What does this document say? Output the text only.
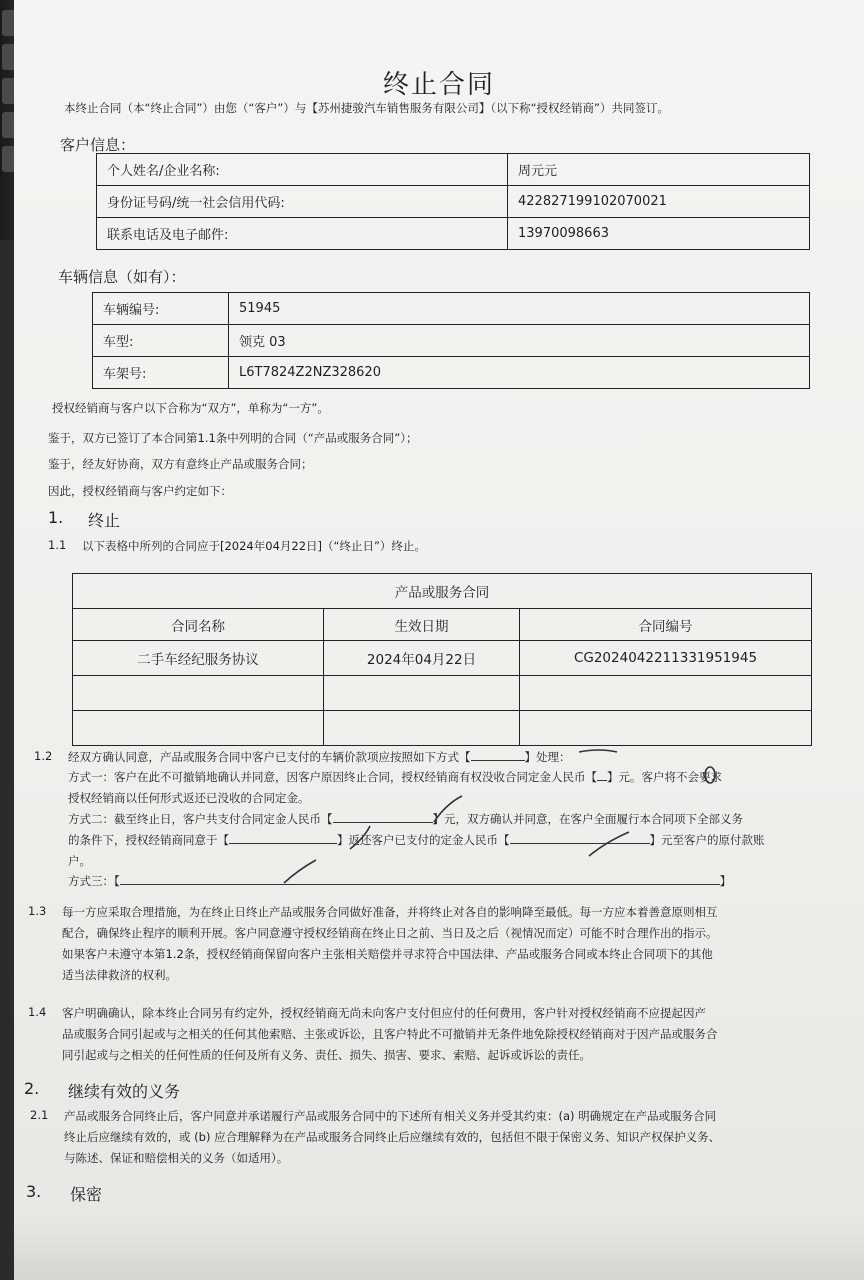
终止合同
本终止合同（本“终止合同”）由您（“客户”）与【苏州捷骏汽车销售服务有限公司】（以下称“授权经销商”）共同签订。
客户信息：
个人姓名/企业名称:	周元元
身份证号码/统一社会信用代码:	422827199102070021
联系电话及电子邮件:	13970098663
车辆信息（如有）：
车辆编号:	51945
车型:	领克 03
车架号:	L6T7824Z2NZ328620
授权经销商与客户以下合称为“双方”，单称为“一方”。
鉴于，双方已签订了本合同第1.1条中列明的合同（“产品或服务合同”）；
鉴于，经友好协商，双方有意终止产品或服务合同；
因此，授权经销商与客户约定如下：
1. 终止
1.1 以下表格中所列的合同应于[2024年04月22日]（“终止日”）终止。
产品或服务合同		
合同名称	生效日期	合同编号
二手车经纪服务协议	2024年04月22日	CG2024042211331951945

1.2 经双方确认同意，产品或服务合同中客户已支付的车辆价款项应按照如下方式【	】处理：
方式一：客户在此不可撤销地确认并同意，因客户原因终止合同，授权经销商有权没收合同定金人民币【 】元。客户将不会要求
授权经销商以任何形式返还已没收的合同定金。
方式二：截至终止日，客户共支付合同定金人民币【	】元，双方确认并同意，在客户全面履行本合同项下全部义务
的条件下，授权经销商同意于【	】返还客户已支付的定金人民币【	】元至客户的原付款账
户。
方式三：【	】
1.3 每一方应采取合理措施，为在终止日终止产品或服务合同做好准备，并将终止对各自的影响降至最低。每一方应本着善意原则相互
配合，确保终止程序的顺利开展。客户同意遵守授权经销商在终止日之前、当日及之后（视情况而定）可能不时合理作出的指示。
如果客户未遵守本第1.2条，授权经销商保留向客户主张相关赔偿并寻求符合中国法律、产品或服务合同或本终止合同项下的其他
适当法律救济的权利。
1.4 客户明确确认，除本终止合同另有约定外，授权经销商无尚未向客户支付但应付的任何费用，客户针对授权经销商不应提起因产
品或服务合同引起或与之相关的任何其他索赔、主张或诉讼，且客户特此不可撤销并无条件地免除授权经销商对于因产品或服务合
同引起或与之相关的任何性质的任何及所有义务、责任、损失、损害、要求、索赔、起诉或诉讼的责任。
2. 继续有效的义务
2.1 产品或服务合同终止后，客户同意并承诺履行产品或服务合同中的下述所有相关义务并受其约束：(a) 明确规定在产品或服务合同
终止后应继续有效的，或 (b) 应合理解释为在产品或服务合同终止后应继续有效的，包括但不限于保密义务、知识产权保护义务、
与陈述、保证和赔偿相关的义务（如适用）。
3. 保密
